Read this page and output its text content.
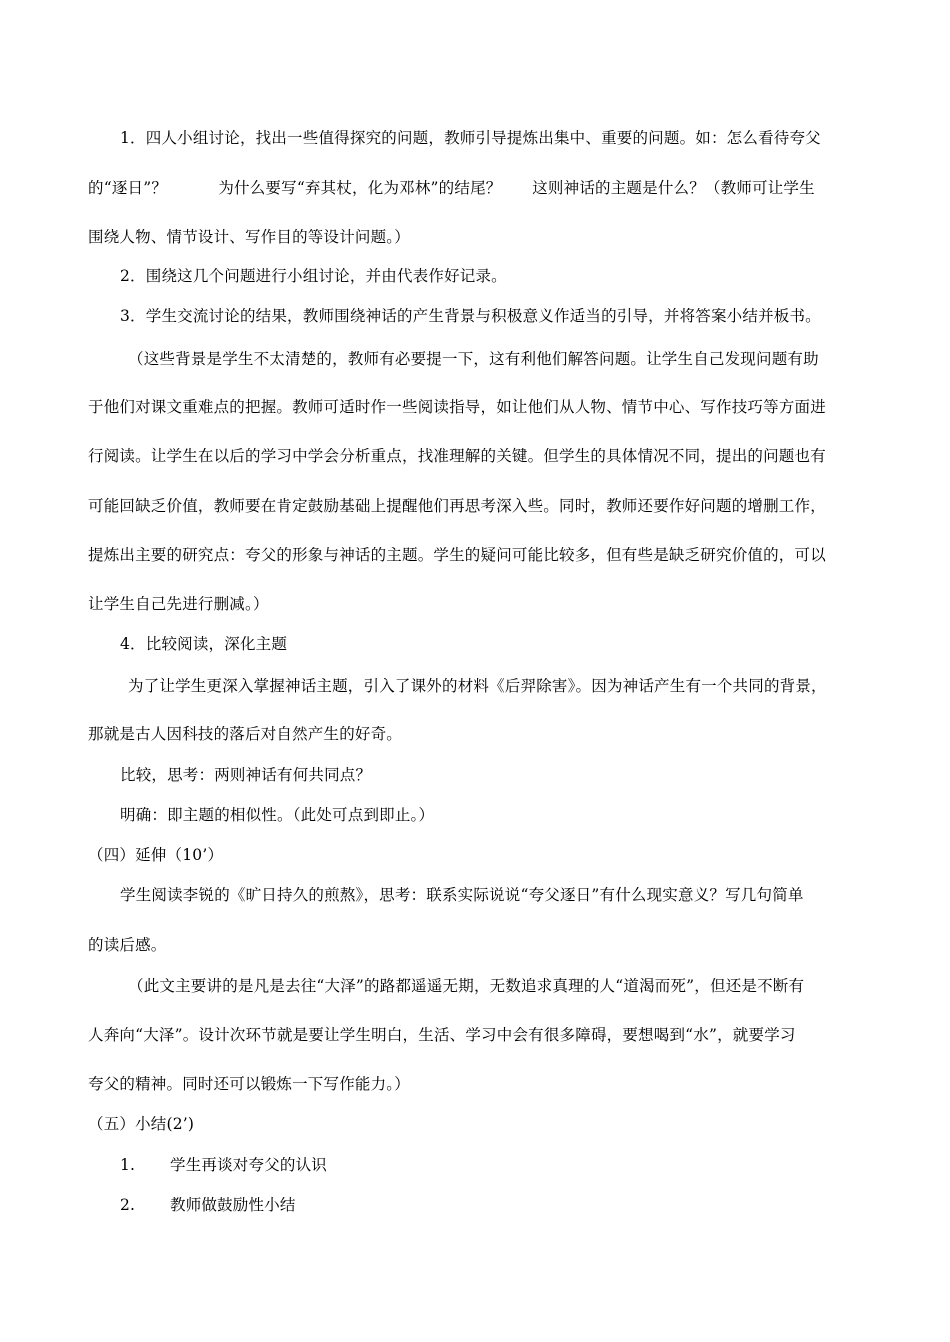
1．四人小组讨论，找出一些值得探究的问题，教师引导提炼出集中、重要的问题。如：怎么看待夸父
的“逐日”？          为什么要写“弃其杖，化为邓林”的结尾？      这则神话的主题是什么？（教师可让学生
围绕人物、情节设计、写作目的等设计问题。）
2．围绕这几个问题进行小组讨论，并由代表作好记录。
3．学生交流讨论的结果，教师围绕神话的产生背景与积极意义作适当的引导，并将答案小结并板书。
（这些背景是学生不太清楚的，教师有必要提一下，这有利他们解答问题。让学生自己发现问题有助
于他们对课文重难点的把握。教师可适时作一些阅读指导，如让他们从人物、情节中心、写作技巧等方面进
行阅读。让学生在以后的学习中学会分析重点，找准理解的关键。但学生的具体情况不同，提出的问题也有
可能回缺乏价值，教师要在肯定鼓励基础上提醒他们再思考深入些。同时，教师还要作好问题的增删工作，
提炼出主要的研究点：夸父的形象与神话的主题。学生的疑问可能比较多，但有些是缺乏研究价值的，可以
让学生自己先进行删减。）
4．比较阅读，深化主题
为了让学生更深入掌握神话主题，引入了课外的材料《后羿除害》。因为神话产生有一个共同的背景，
那就是古人因科技的落后对自然产生的好奇。
比较，思考：两则神话有何共同点？
明确：即主题的相似性。（此处可点到即止。）
（四）延伸（10’）
学生阅读李锐的《旷日持久的煎熬》，思考：联系实际说说“夸父逐日”有什么现实意义？写几句简单
的读后感。
（此文主要讲的是凡是去往“大泽”的路都遥遥无期，无数追求真理的人“道渴而死”，但还是不断有
人奔向“大泽”。设计次环节就是要让学生明白，生活、学习中会有很多障碍，要想喝到“水”，就要学习
夸父的精神。同时还可以锻炼一下写作能力。）
（五）小结(2’)
1. 学生再谈对夸父的认识
2. 教师做鼓励性小结
